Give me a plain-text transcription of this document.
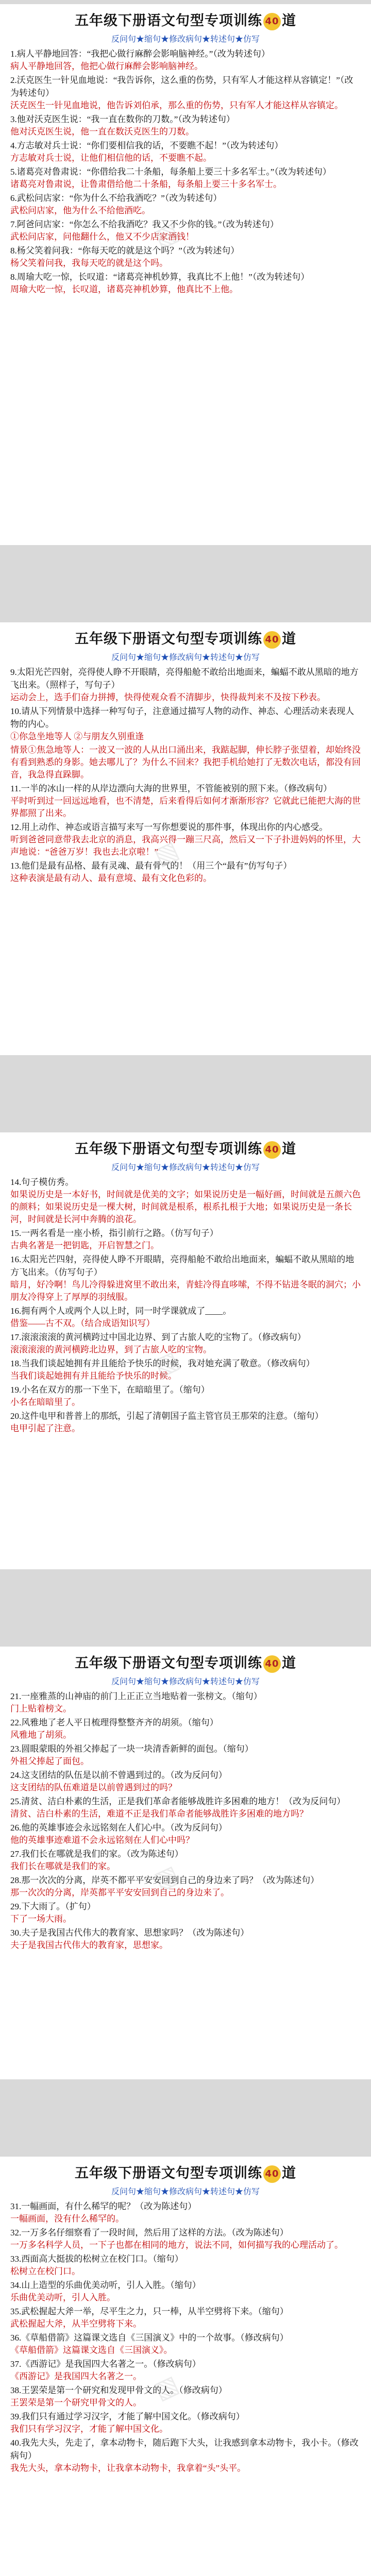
五年级下册语文句型专项训练 40 道
反问句★缩句★修改病句★转述句★仿写

1.病人平静地回答：“我把心做行麻醉会影响脑神经。”（改为转述句）

病人平静地回答，他把心做行麻醉会影响脑神经。

2.沃克医生一针见血地说：“我告诉你，这么重的伤势，只有军人才能这样从容镇定！”（改为转述句）

沃克医生一针见血地说，他告诉刘伯承，那么重的伤势，只有军人才能这样从容镇定。

3.他对沃克医生说：“我一直在数你的刀数。”（改为转述句）

他对沃克医生说，他一直在数沃克医生的刀数。

4.方志敏对兵士说：“你们要相信我的话，不要瞧不起！”（改为转述句）

方志敏对兵士说，让他们相信他的话，不要瞧不起。

5.诸葛亮对鲁肃说：“你借给我二十条船，每条船上要三十多名军士。”（改为转述句）

诸葛亮对鲁肃说，让鲁肃借给他二十条船，每条船上要三十多名军士。

6.武松问店家：“你为什么不给我酒吃？”（改为转述句）

武松问店家，他为什么不给他酒吃。

7.阿爸问店家：“你怎么不给我酒吃？我又不少你的钱。”（改为转述句）

武松问店家，问他翻什么，他又不少店家酒钱！

8.杨父笑着问我：“你每天吃的就是这个吗？”（改为转述句）

杨父笑着问我，我每天吃的就是这个吗。

8.周瑜大吃一惊，长叹道：“诸葛亮神机妙算，我真比不上他！”（改为转述句）

周瑜大吃一惊，长叹道，诸葛亮神机妙算，他真比不上他。

▧
五年级下册语文句型专项训练 40 道
反问句★缩句★修改病句★转述句★仿写

9.太阳光芒四射，亮得使人睁不开眼睛，亮得船舱不敢给出地面来，蝙蝠不敢从黑暗的地方飞出来。（照样子，写句子）

运动会上，选手们奋力拼搏，快得使观众看不清脚步，快得裁判来不及按下秒表。

10.请从下列情景中选择一种写句子，注意通过描写人物的动作、神态、心理活动来表现人物的内心。

①你急坐地等人 ②与朋友久别重逢

情景①焦急地等人：一波又一波的人从出口涌出来，我踮起脚，伸长脖子张望着，却始终没有看到熟悉的身影。她去哪儿了？为什么不回来？我把手机给她打了无数次电话，都没有回音，我急得直跺脚。

11.一半的冰山一样的从岸边漂向大海的世界里，不管能被别的照下来。（修改病句）

平时听到过一回远远地看，也不清楚，后来看得后如何才渐渐形容？它就此已能把大海的世界都照了出来。

12.用上动作、神态或语言描写来写一写你想要说的那件事，体现出你的内心感受。

听到爸爸同意带我去北京的消息，我高兴得一蹦三尺高，然后又一下子扑进妈妈的怀里，大声地说：“爸爸万岁！我也去北京啦！”

13.他们是最有品格、最有灵魂、最有骨气的！（用三个“最有”仿写句子）

这种表演是最有动人、最有意境、最有文化色彩的。

▧
五年级下册语文句型专项训练 40 道
反问句★缩句★修改病句★转述句★仿写

14.句子模仿秀。

如果说历史是一本好书，时间就是优美的文字；如果说历史是一幅好画，时间就是五颜六色的颜料；如果说历史是一棵大树，时间就是根系，根系扎根于大地；如果说历史是一条长河，时间就是长河中奔腾的浪花。

15.一两名看是一座小桥，指引前行之路。（仿写句子）

古典名著是一把钥匙，开启智慧之门。

16.太阳光芒四射，亮得使人睁不开眼睛，亮得船舱不敢给出地面来，蝙蝠不敢从黑暗的地方飞出来。（仿写句子）

暗月，好冷啊！鸟儿冷得躲进窝里不敢出来，青蛙冷得直哆嗦，不得不钻进冬眠的洞穴；小朋友冷得穿上了厚厚的羽绒服。

16.拥有两个人或两个人以上时，同一时学课就成了____。

借鉴——古不双。（结合成语知识写）

17.滚滚滚滚的黄河横跨过中国北边界、到了古旅人吃的宝物了。（修改病句）

滚滚滚滚的黄河横跨北边界，到了古旅人吃的宝物。

18.当我们谈起她拥有并且能给予快乐的时候，我对她充满了敬意。（修改病句）

当我们谈起她拥有并且能给予快乐的时候。

19.小名在双方的那一下坐下，在暗暗里了。（缩句）

小名在暗暗里了。

20.这件电甲和普普上的那纸，引起了清朝国子监主管官员王那荣的注意。（缩句）

电甲引起了注意。

▧
五年级下册语文句型专项训练 40 道
反问句★缩句★修改病句★转述句★仿写

21.一座雅蒸的山神庙的前门上正正立当地贴着一张榜文。（缩句）

门上贴着榜文。

22.风雅地了老人平日梳理得整整齐齐的胡须。（缩句）

风雅地了胡须。

23.圆眼蒙眼的外祖父捧起了一块一块清香新鲜的面包。（缩句）

外祖父捧起了面包。

24.这支团结的队伍是以前不曾遇到过的。（改为反问句）

这支团结的队伍难道是以前曾遇到过的吗？

25.清贫、洁白朴素的生活，正是我们革命者能够战胜许多困难的地方！（改为反问句）

清贫、洁白朴素的生活，难道不正是我们革命者能够战胜许多困难的地方吗？

26.他的英雄事迹会永远铭刻在人们心中。（改为反问句）

他的英雄事迹难道不会永远铭刻在人们心中吗？

27.我们长在哪就是我们的家。（改为陈述句）

我们长在哪就是我们的家。

28.那一次次的分离，岸英不都平平安安回到自己的身边来了吗？（改为陈述句）

那一次次的分离，岸英都平平安安回到自己的身边来了。

29.下大雨了。（扩句）

下了一场大雨。

30.夫子是我国古代伟大的教育家、思想家吗？（改为陈述句）

夫子是我国古代伟大的教育家，思想家。

▧
五年级下册语文句型专项训练 40 道
反问句★缩句★修改病句★转述句★仿写

31.一幅画面，有什么稀罕的呢？（改为陈述句）

一幅画面，没有什么稀罕的。

32.一万多名仔细察看了一段时间，然后用了这样的方法。（改为陈述句）

一万多名科学人员，一下子也都在相同的地方，说法不同，如何描写我的心理活动了。

33.西面高大挺拔的松树立在校门口。（缩句）

松树立在校门口。

34.山上造型的乐曲优美动听，引人入胜。（缩句）

乐曲优美动听，引人入胜。

35.武松握起大斧一举，尽平生之力，只一棒，从半空劈将下来。（缩句）

武松握起大斧，从半空劈将下来。

36.《草船借箭》这篇课文选自《三国演义》中的一个故事。（修改病句）

《草船借箭》这篇课文选自《三国演义》。

37.《西游记》是我国四大名著之一。（修改病句）

《西游记》是我国四大名著之一。

38.王罢荣是第一个研究和发现甲骨文的人。（修改病句）

王罢荣是第一个研究甲骨文的人。

39.我们只有通过学习汉字，才能了解中国文化。（修改病句）

我们只有学习汉字，才能了解中国文化。

40.我先大头，先走了，拿本动物卡，随后跑下大头，让我感到拿本动物卡，我小卡。（修改病句）

我先大头，拿本动物卡，让我拿本动物卡，我拿着“头”头平。

▧
